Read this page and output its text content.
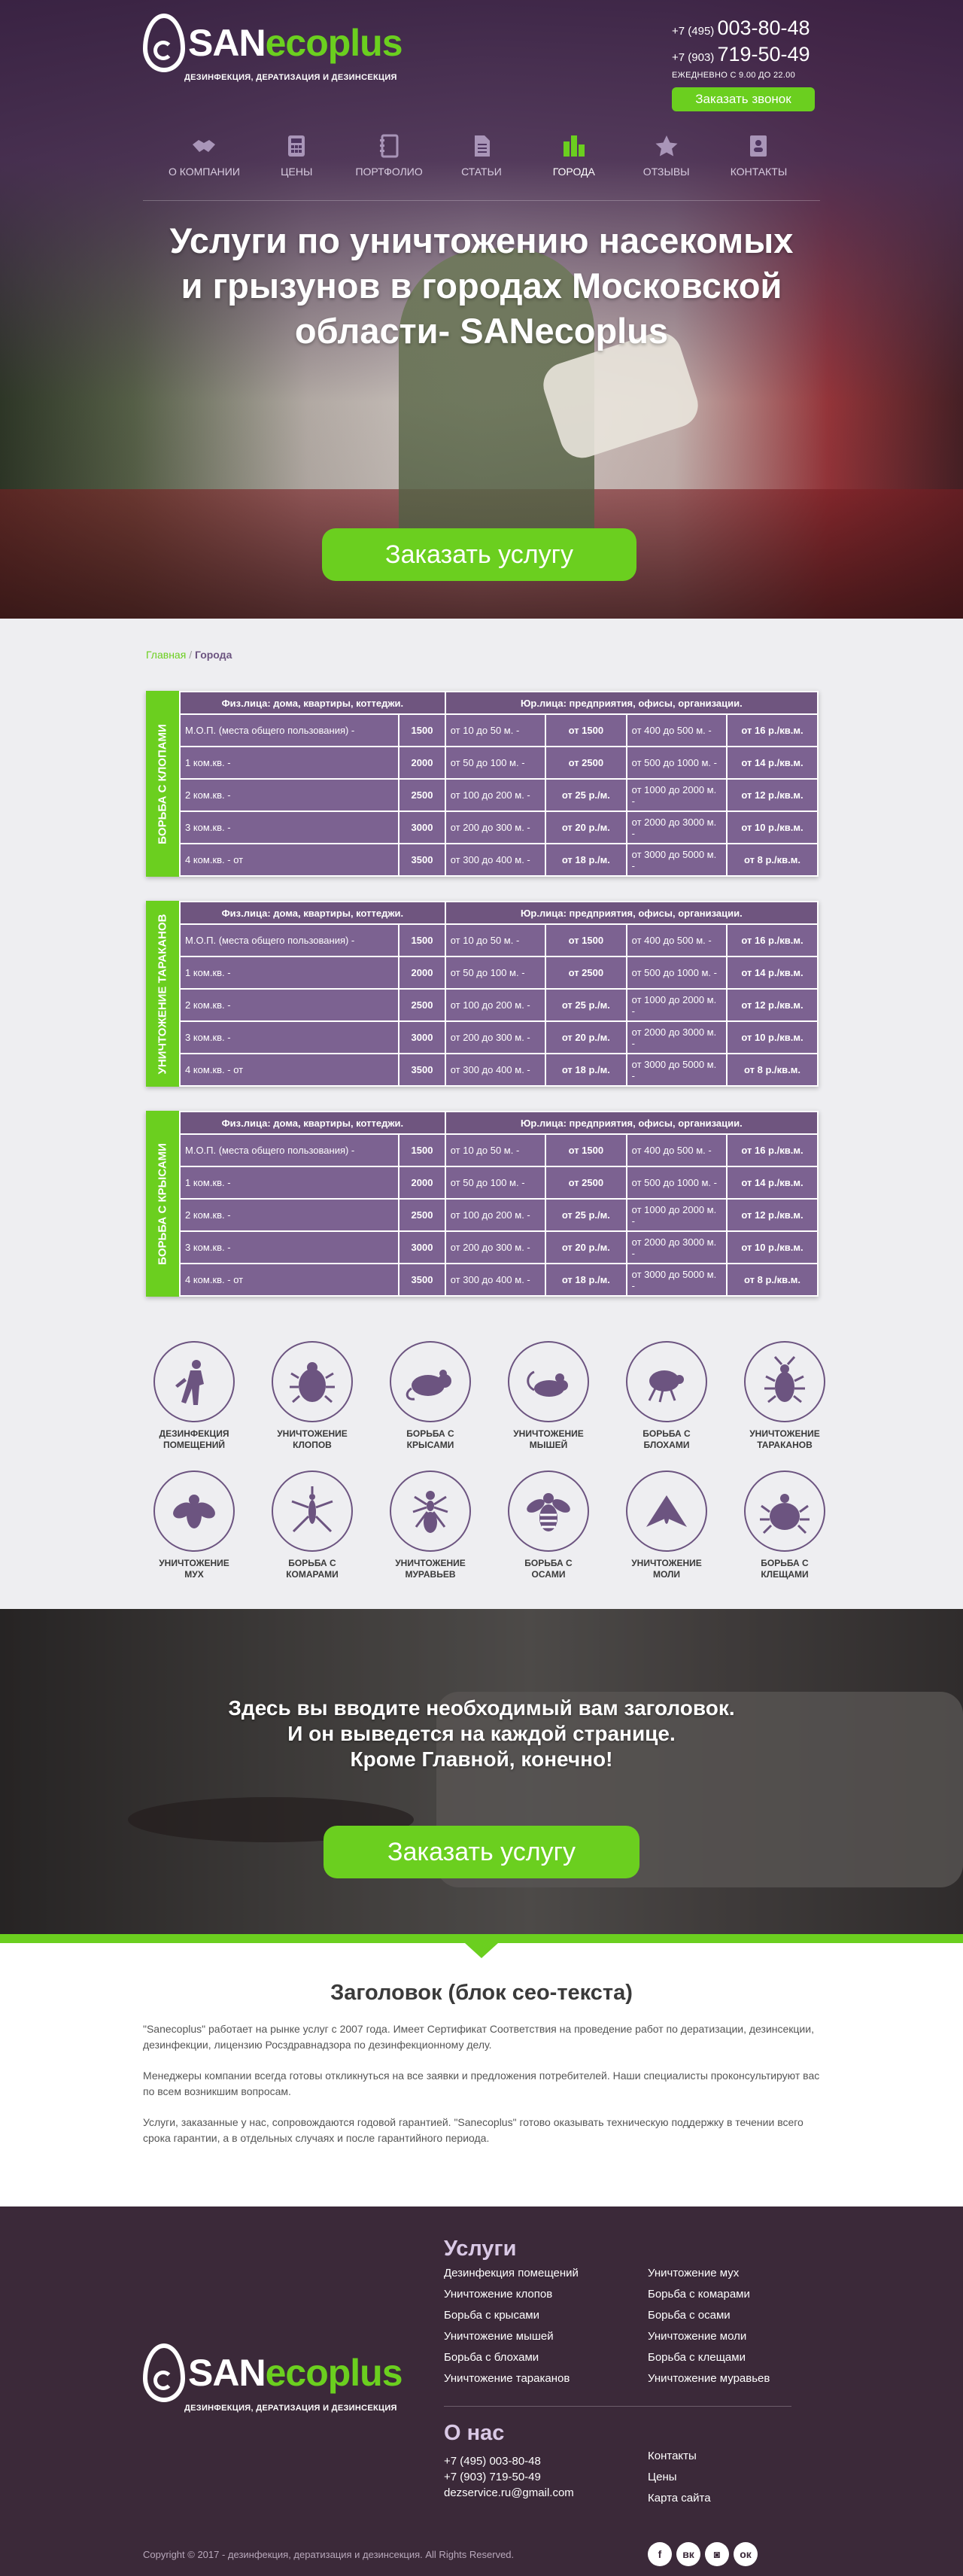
SANecoplus
ДЕЗИНФЕКЦИЯ, ДЕРАТИЗАЦИЯ И ДЕЗИНСЕКЦИЯ
+7 (495) 003-80-48
+7 (903) 719-50-49
ЕЖЕДНЕВНО С 9.00 ДО 22.00
Заказать звонок
О КОМПАНИИ	ЦЕНЫ	ПОРТФОЛИО	СТАТЬИ	ГОРОДА	ОТЗЫВЫ	КОНТАКТЫ
Услуги по уничтожению насекомых
и грызунов в городах Московской
области- SANecoplus
Заказать услугу
Главная / Города
БОРЬБА С КЛОПАМИ
Физ.лица: дома, квартиры, коттеджи.		Юр.лица: предприятия, офисы, организации.			
М.О.П. (места общего пользования) -	1500	от 10 до 50 м. -	от 1500	от 400 до 500 м. -	от 16 р./кв.м.
1 ком.кв. -	2000	от 50 до 100 м. -	от 2500	от 500 до 1000 м. -	от 14 р./кв.м.
2 ком.кв. -	2500	от 100 до 200 м. -	от 25 р./м.	от 1000 до 2000 м. -	от 12 р./кв.м.
3 ком.кв. -	3000	от 200 до 300 м. -	от 20 р./м.	от 2000 до 3000 м. -	от 10 р./кв.м.
4 ком.кв. - от	3500	от 300 до 400 м. -	от 18 р./м.	от 3000 до 5000 м. -	от 8 р./кв.м.
УНИЧТОЖЕНИЕ ТАРАКАНОВ
Физ.лица: дома, квартиры, коттеджи.		Юр.лица: предприятия, офисы, организации.			
М.О.П. (места общего пользования) -	1500	от 10 до 50 м. -	от 1500	от 400 до 500 м. -	от 16 р./кв.м.
1 ком.кв. -	2000	от 50 до 100 м. -	от 2500	от 500 до 1000 м. -	от 14 р./кв.м.
2 ком.кв. -	2500	от 100 до 200 м. -	от 25 р./м.	от 1000 до 2000 м. -	от 12 р./кв.м.
3 ком.кв. -	3000	от 200 до 300 м. -	от 20 р./м.	от 2000 до 3000 м. -	от 10 р./кв.м.
4 ком.кв. - от	3500	от 300 до 400 м. -	от 18 р./м.	от 3000 до 5000 м. -	от 8 р./кв.м.
БОРЬБА С КРЫСАМИ
Физ.лица: дома, квартиры, коттеджи.		Юр.лица: предприятия, офисы, организации.			
М.О.П. (места общего пользования) -	1500	от 10 до 50 м. -	от 1500	от 400 до 500 м. -	от 16 р./кв.м.
1 ком.кв. -	2000	от 50 до 100 м. -	от 2500	от 500 до 1000 м. -	от 14 р./кв.м.
2 ком.кв. -	2500	от 100 до 200 м. -	от 25 р./м.	от 1000 до 2000 м. -	от 12 р./кв.м.
3 ком.кв. -	3000	от 200 до 300 м. -	от 20 р./м.	от 2000 до 3000 м. -	от 10 р./кв.м.
4 ком.кв. - от	3500	от 300 до 400 м. -	от 18 р./м.	от 3000 до 5000 м. -	от 8 р./кв.м.
ДЕЗИНФЕКЦИЯ
ПОМЕЩЕНИЙ
УНИЧТОЖЕНИЕ
КЛОПОВ
БОРЬБА С
КРЫСАМИ
УНИЧТОЖЕНИЕ
МЫШЕЙ
БОРЬБА С
БЛОХАМИ
УНИЧТОЖЕНИЕ
ТАРАКАНОВ
УНИЧТОЖЕНИЕ
МУХ
БОРЬБА С
КОМАРАМИ
УНИЧТОЖЕНИЕ
МУРАВЬЕВ
БОРЬБА С
ОСАМИ
УНИЧТОЖЕНИЕ
МОЛИ
БОРЬБА С
КЛЕЩАМИ
Здесь вы вводите необходимый вам заголовок.
И он выведется на каждой странице.
Кроме Главной, конечно!
Заказать услугу
Заголовок (блок сео-текста)

"Sanecoplus" работает на рынке услуг с 2007 года. Имеет Сертификат Соответствия на проведение работ по дератизации, дезинсекции, дезинфекции, лицензию Росздравнадзора по дезинфекционному делу.

Менеджеры компании всегда готовы откликнуться на все заявки и предложения потребителей. Наши специалисты проконсультируют вас по всем возникшим вопросам.

Услуги, заказанные у нас, сопровождаются годовой гарантией. "Sanecoplus" готово оказывать техническую поддержку в течении всего срока гарантии, а в отдельных случаях и после гарантийного периода.

SANecoplus
ДЕЗИНФЕКЦИЯ, ДЕРАТИЗАЦИЯ И ДЕЗИНСЕКЦИЯ
Услуги
Дезинфекция помещений
Уничтожение клопов
Борьба с крысами
Уничтожение мышей
Борьба с блохами
Уничтожение тараканов
Уничтожение мух
Борьба с комарами
Борьба с осами
Уничтожение моли
Борьба с клещами
Уничтожение муравьев
О нас
+7 (495) 003-80-48
+7 (903) 719-50-49
dezservice.ru@gmail.com
Контакты
Цены
Карта сайта
Copyright © 2017 - дезинфекция, дератизация и дезинсекция. All Rights Reserved.	f	вк	◙	ок
